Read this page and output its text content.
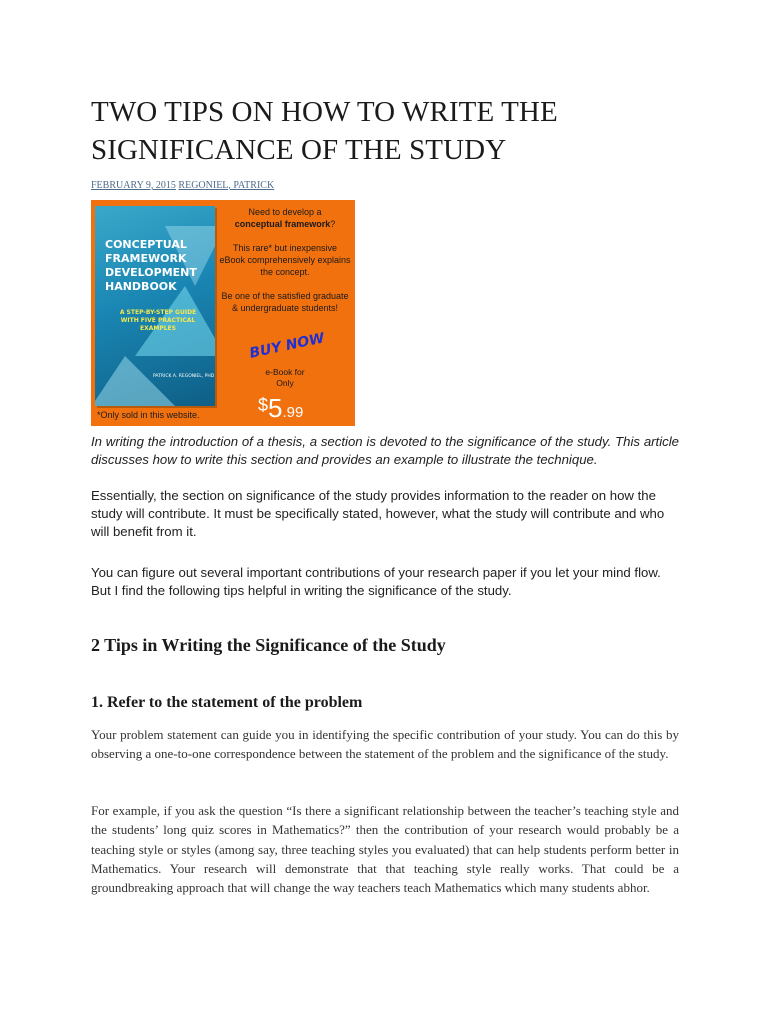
TWO TIPS ON HOW TO WRITE THE SIGNIFICANCE OF THE STUDY
FEBRUARY 9, 2015 REGONIEL, PATRICK
CONCEPTUAL
FRAMEWORK
DEVELOPMENT
HANDBOOK
A STEP-BY-STEP GUIDE WITH FIVE PRACTICAL EXAMPLES
PATRICK A. REGONIEL, PHD
Need to develop a
conceptual framework?
This rare* but inexpensive eBook comprehensively explains the concept.
Be one of the satisfied graduate & undergraduate students!
BUY NOW
e-Book for
Only
$5.99
*Only sold in this website.

In writing the introduction of a thesis, a section is devoted to the significance of the study. This article discusses how to write this section and provides an example to illustrate the technique.

Essentially, the section on significance of the study provides information to the reader on how the study will contribute. It must be specifically stated, however, what the study will contribute and who will benefit from it.

You can figure out several important contributions of your research paper if you let your mind flow. But I find the following tips helpful in writing the significance of the study.

2 Tips in Writing the Significance of the Study
1. Refer to the statement of the problem

Your problem statement can guide you in identifying the specific contribution of your study. You can do this by observing a one-to-one correspondence between the statement of the problem and the significance of the study.

For example, if you ask the question “Is there a significant relationship between the teacher’s teaching style and the students’ long quiz scores in Mathematics?” then the contribution of your research would probably be a teaching style or styles (among say, three teaching styles you evaluated) that can help students perform better in Mathematics. Your research will demonstrate that that teaching style really works. That could be a groundbreaking approach that will change the way teachers teach Mathematics which many students abhor.
